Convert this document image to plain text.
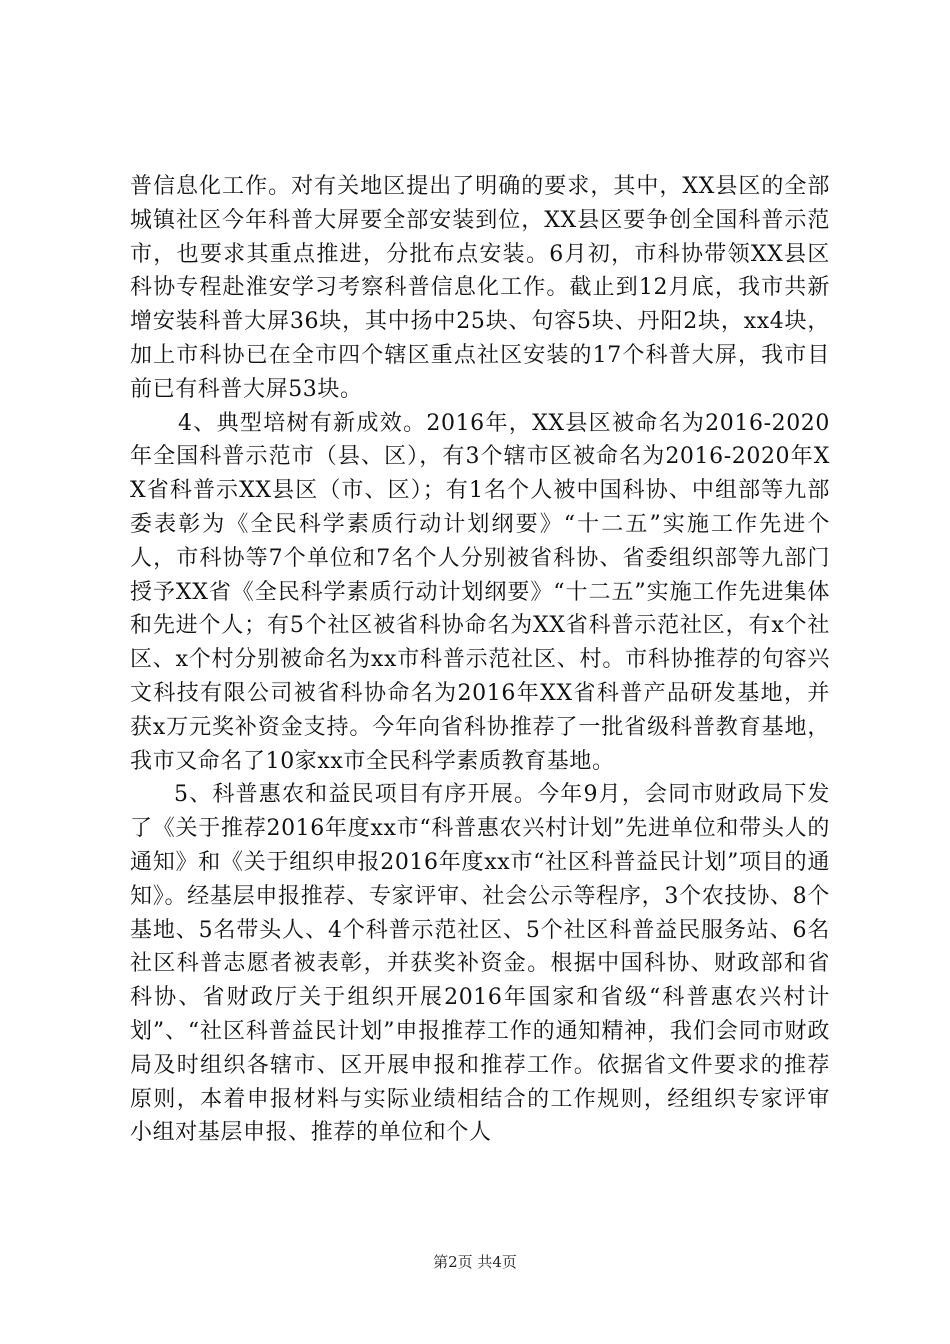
普信息化工作。对有关地区提出了明确的要求，其中，XX县区的全部城镇社区今年科普大屏要全部安装到位，XX县区要争创全国科普示范市，也要求其重点推进，分批布点安装。6月初，市科协带领XX县区科协专程赴淮安学习考察科普信息化工作。截止到12月底，我市共新增安装科普大屏36块，其中扬中25块、句容5块、丹阳2块，xx4块，加上市科协已在全市四个辖区重点社区安装的17个科普大屏，我市目前已有科普大屏53块。

4、典型培树有新成效。2016年，XX县区被命名为2016-2020年全国科普示范市（县、区），有3个辖市区被命名为2016-2020年XX省科普示XX县区（市、区）；有1名个人被中国科协、中组部等九部委表彰为《全民科学素质行动计划纲要》“十二五”实施工作先进个人，市科协等7个单位和7名个人分别被省科协、省委组织部等九部门授予XX省《全民科学素质行动计划纲要》“十二五”实施工作先进集体和先进个人；有5个社区被省科协命名为XX省科普示范社区，有x个社区、x个村分别被命名为xx市科普示范社区、村。市科协推荐的句容兴文科技有限公司被省科协命名为2016年XX省科普产品研发基地，并获x万元奖补资金支持。今年向省科协推荐了一批省级科普教育基地，我市又命名了10家xx市全民科学素质教育基地。

5、科普惠农和益民项目有序开展。今年9月，会同市财政局下发了《关于推荐2016年度xx市“科普惠农兴村计划”先进单位和带头人的通知》和《关于组织申报2016年度xx市“社区科普益民计划”项目的通知》。经基层申报推荐、专家评审、社会公示等程序，3个农技协、8个基地、5名带头人、4个科普示范社区、5个社区科普益民服务站、6名社区科普志愿者被表彰，并获奖补资金。根据中国科协、财政部和省科协、省财政厅关于组织开展2016年国家和省级“科普惠农兴村计划”、“社区科普益民计划”申报推荐工作的通知精神，我们会同市财政局及时组织各辖市、区开展申报和推荐工作。依据省文件要求的推荐原则，本着申报材料与实际业绩相结合的工作规则，经组织专家评审小组对基层申报、推荐的单位和个人

第2页 共4页
